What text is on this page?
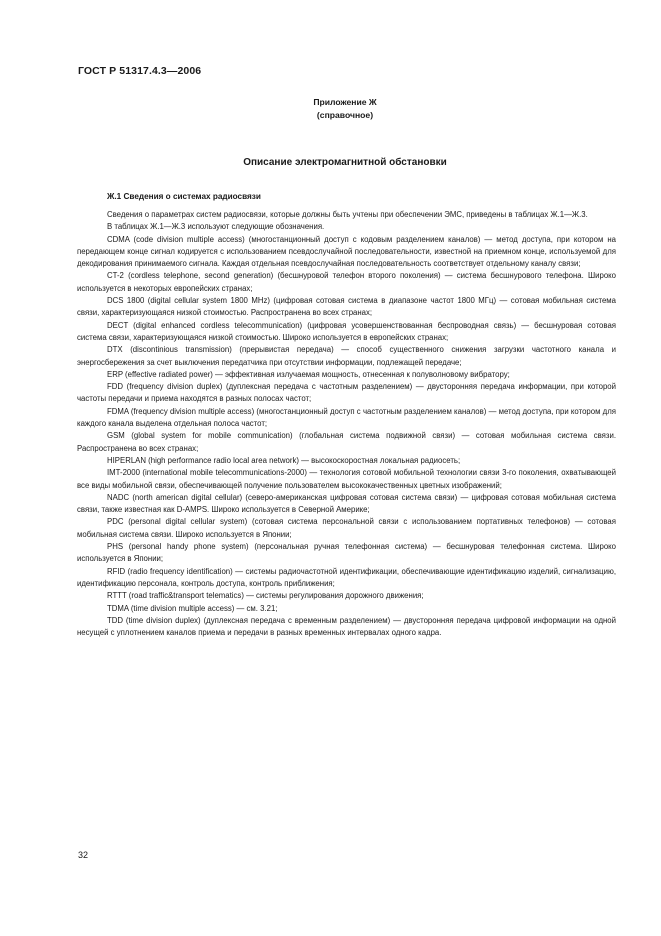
ГОСТ Р 51317.4.3—2006
Приложение Ж
(справочное)
Описание электромагнитной обстановки
Ж.1 Сведения о системах радиосвязи

Сведения о параметрах систем радиосвязи, которые должны быть учтены при обеспечении ЭМС, приведены в таблицах Ж.1—Ж.3.

В таблицах Ж.1—Ж.3 используют следующие обозначения.

CDMA (code division multiple access) (многостанционный доступ с кодовым разделением каналов) — метод доступа, при котором на передающем конце сигнал кодируется с использованием псевдослучайной последовательности, известной на приемном конце, используемой для декодирования принимаемого сигнала. Каждая отдельная псевдослучайная последовательность соответствует отдельному каналу связи;

CT-2 (cordless telephone, second generation) (бесшнуровой телефон второго поколения) — система бесшнурового телефона. Широко используется в некоторых европейских странах;

DCS 1800 (digital cellular system 1800 MHz) (цифровая сотовая система в диапазоне частот 1800 МГц) — сотовая мобильная система связи, характеризующаяся низкой стоимостью. Распространена во всех странах;

DECT (digital enhanced cordless telecommunication) (цифровая усовершенствованная беспроводная связь) — бесшнуровая сотовая система связи, характеризующаяся низкой стоимостью. Широко используется в европейских странах;

DTX (discontinious transmission) (прерывистая передача) — способ существенного снижения загрузки частотного канала и энергосбережения за счет выключения передатчика при отсутствии информации, подлежащей передаче;

ERP (effective radiated power) — эффективная излучаемая мощность, отнесенная к полуволновому вибратору;

FDD (frequency division duplex) (дуплексная передача с частотным разделением) — двусторонняя передача информации, при которой частоты передачи и приема находятся в разных полосах частот;

FDMA (frequency division multiple access) (многостанционный доступ с частотным разделением каналов) — метод доступа, при котором для каждого канала выделена отдельная полоса частот;

GSM (global system for mobile communication) (глобальная система подвижной связи) — сотовая мобильная система связи. Распространена во всех странах;

HIPERLAN (high performance radio local area network) — высокоскоростная локальная радиосеть;

IMT-2000 (international mobile telecommunications-2000) — технология сотовой мобильной технологии связи 3-го поколения, охватывающей все виды мобильной связи, обеспечивающей получение пользователем высококачественных цветных изображений;

NADC (north american digital cellular) (северо-американская цифровая сотовая система связи) — цифровая сотовая мобильная система связи, также известная как D-AMPS. Широко используется в Северной Америке;

PDC (personal digital cellular system) (сотовая система персональной связи с использованием портативных телефонов) — сотовая мобильная система связи. Широко используется в Японии;

PHS (personal handy phone system) (персональная ручная телефонная система) — бесшнуровая телефонная система. Широко используется в Японии;

RFID (radio frequency identification) — системы радиочастотной идентификации, обеспечивающие идентификацию изделий, сигнализацию, идентификацию персонала, контроль доступа, контроль приближения;

RTTT (road traffic&transport telematics) — системы регулирования дорожного движения;

TDMA (time division multiple access) — см. 3.21;

TDD (time division duplex) (дуплексная передача с временным разделением) — двусторонняя передача цифровой информации на одной несущей с уплотнением каналов приема и передачи в разных временных интервалах одного кадра.

32
